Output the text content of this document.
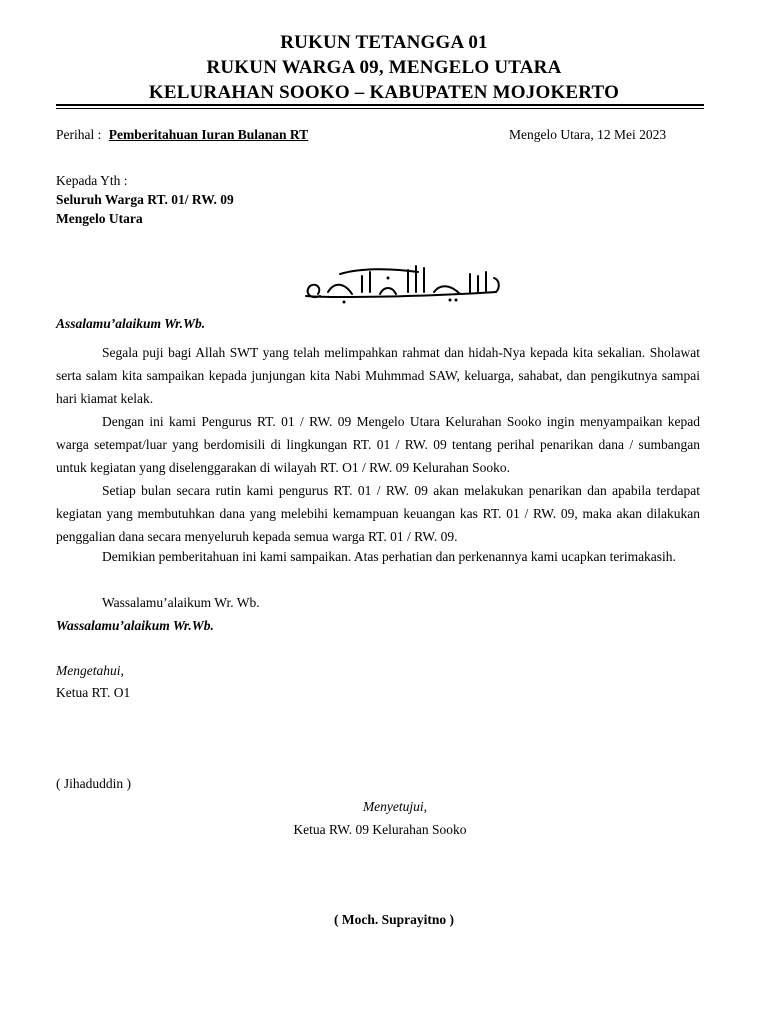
RUKUN TETANGGA 01
RUKUN WARGA 09, MENGELO UTARA
KELURAHAN SOOKO – KABUPATEN MOJOKERTO
Perihal : Pemberitahuan Iuran Bulanan RT	Mengelo Utara, 12 Mei 2023
Kepada Yth :
Seluruh Warga RT. 01/ RW. 09
Mengelo Utara
Assalamu’alaikum Wr.Wb.
Segala puji bagi Allah SWT yang telah melimpahkan rahmat dan hidah-Nya kepada kita sekalian. Sholawat serta salam kita sampaikan kepada junjungan kita Nabi Muhmmad SAW, keluarga, sahabat, dan pengikutnya sampai hari kiamat kelak.
Dengan ini kami Pengurus RT. 01 / RW. 09 Mengelo Utara Kelurahan Sooko ingin menyampaikan kepad warga setempat/luar yang berdomisili di lingkungan RT. 01 / RW. 09 tentang perihal penarikan dana / sumbangan untuk kegiatan yang diselenggarakan di wilayah RT. O1 / RW. 09 Kelurahan Sooko.
Setiap bulan secara rutin kami pengurus RT. 01 / RW. 09 akan melakukan penarikan dan apabila terdapat kegiatan yang membutuhkan dana yang melebihi kemampuan keuangan kas RT. 01 / RW. 09, maka akan dilakukan penggalian dana secara menyeluruh kepada semua warga RT. 01 / RW. 09.
Demikian pemberitahuan ini kami sampaikan. Atas perhatian dan perkenannya kami ucapkan terimakasih.
Wassalamu’alaikum Wr. Wb.
Wassalamu’alaikum Wr.Wb.
Mengetahui,
Ketua RT. O1
( Jihaduddin )
Menyetujui,
Ketua RW. 09 Kelurahan Sooko
( Moch. Suprayitno )
